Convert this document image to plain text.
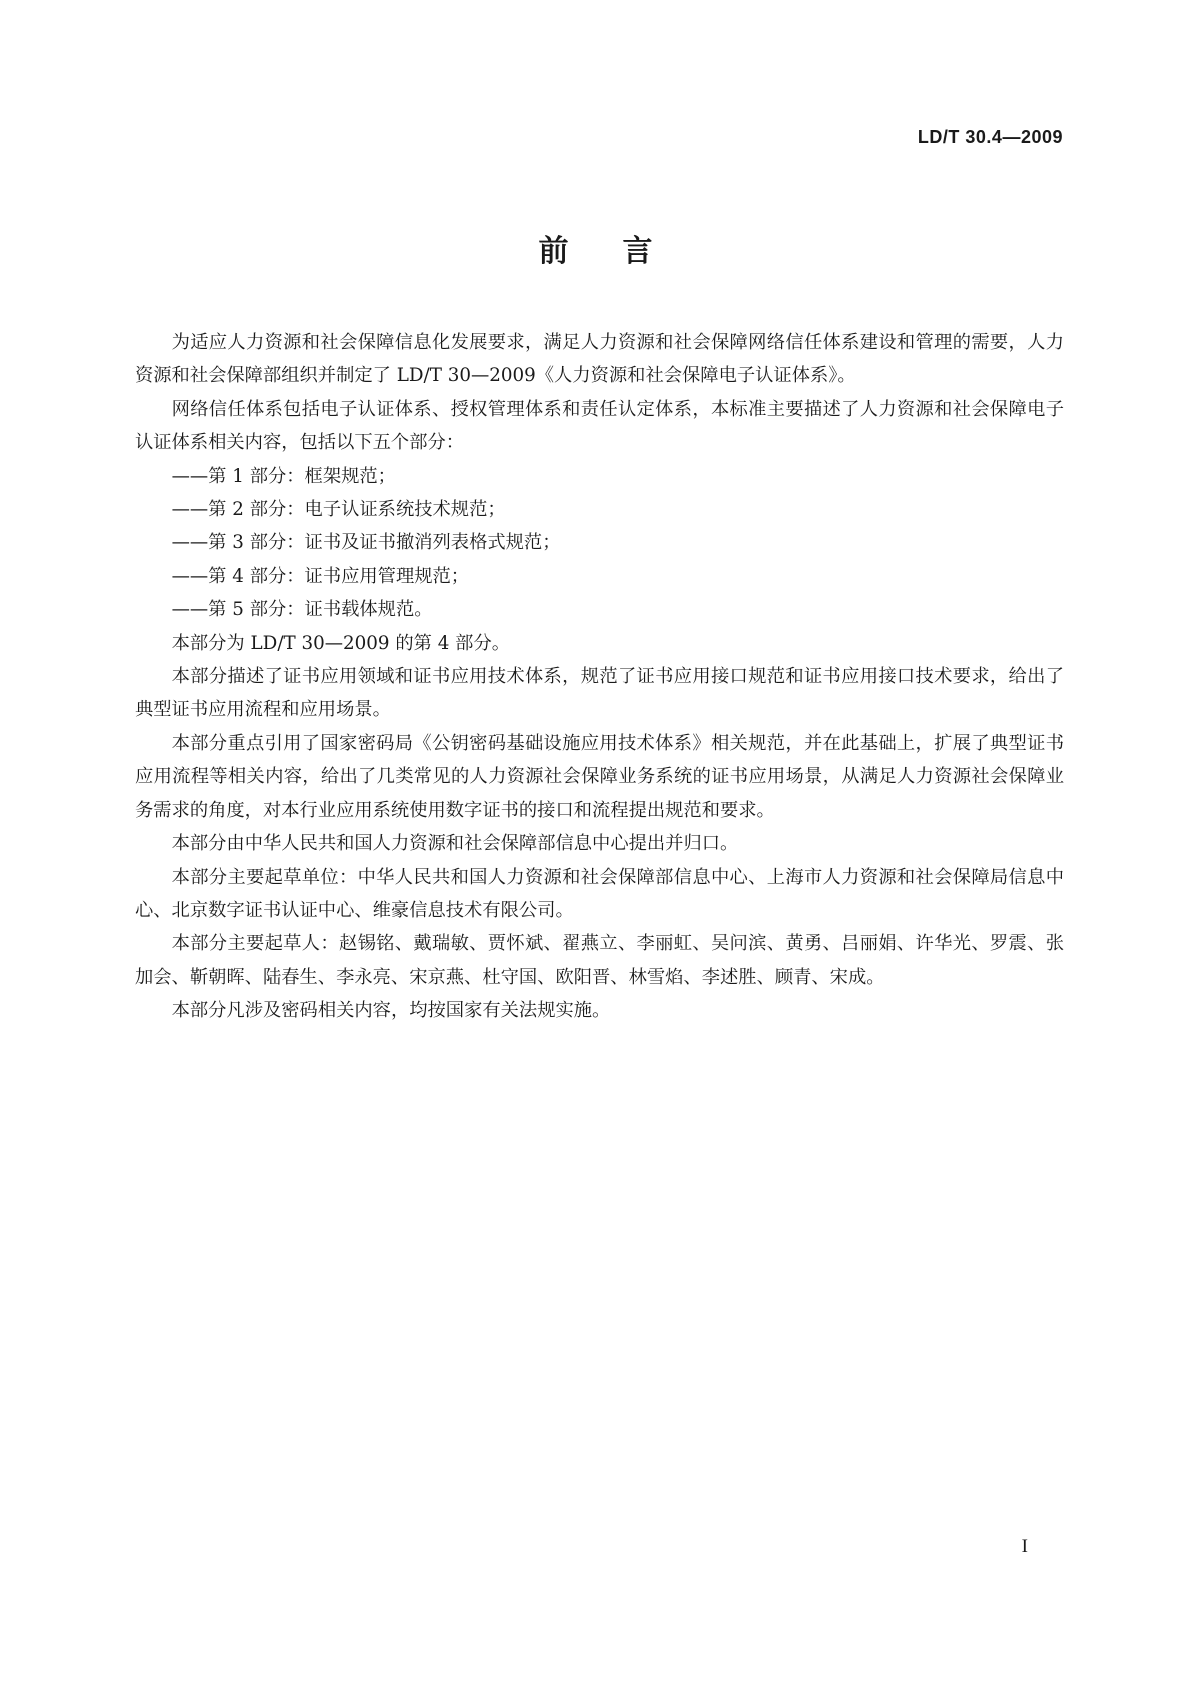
LD/T 30.4—2009
前 言

为适应人力资源和社会保障信息化发展要求，满足人力资源和社会保障网络信任体系建设和管理的需要，人力资源和社会保障部组织并制定了 LD/T 30—2009《人力资源和社会保障电子认证体系》。

网络信任体系包括电子认证体系、授权管理体系和责任认定体系，本标准主要描述了人力资源和社会保障电子认证体系相关内容，包括以下五个部分：

——第 1 部分：框架规范；

——第 2 部分：电子认证系统技术规范；

——第 3 部分：证书及证书撤消列表格式规范；

——第 4 部分：证书应用管理规范；

——第 5 部分：证书载体规范。

本部分为 LD/T 30—2009 的第 4 部分。

本部分描述了证书应用领域和证书应用技术体系，规范了证书应用接口规范和证书应用接口技术要求，给出了典型证书应用流程和应用场景。

本部分重点引用了国家密码局《公钥密码基础设施应用技术体系》相关规范，并在此基础上，扩展了典型证书应用流程等相关内容，给出了几类常见的人力资源社会保障业务系统的证书应用场景，从满足人力资源社会保障业务需求的角度，对本行业应用系统使用数字证书的接口和流程提出规范和要求。

本部分由中华人民共和国人力资源和社会保障部信息中心提出并归口。

本部分主要起草单位：中华人民共和国人力资源和社会保障部信息中心、上海市人力资源和社会保障局信息中心、北京数字证书认证中心、维豪信息技术有限公司。

本部分主要起草人：赵锡铭、戴瑞敏、贾怀斌、翟燕立、李丽虹、吴问滨、黄勇、吕丽娟、许华光、罗震、张加会、靳朝晖、陆春生、李永亮、宋京燕、杜守国、欧阳晋、林雪焰、李述胜、顾青、宋成。

本部分凡涉及密码相关内容，均按国家有关法规实施。

I
